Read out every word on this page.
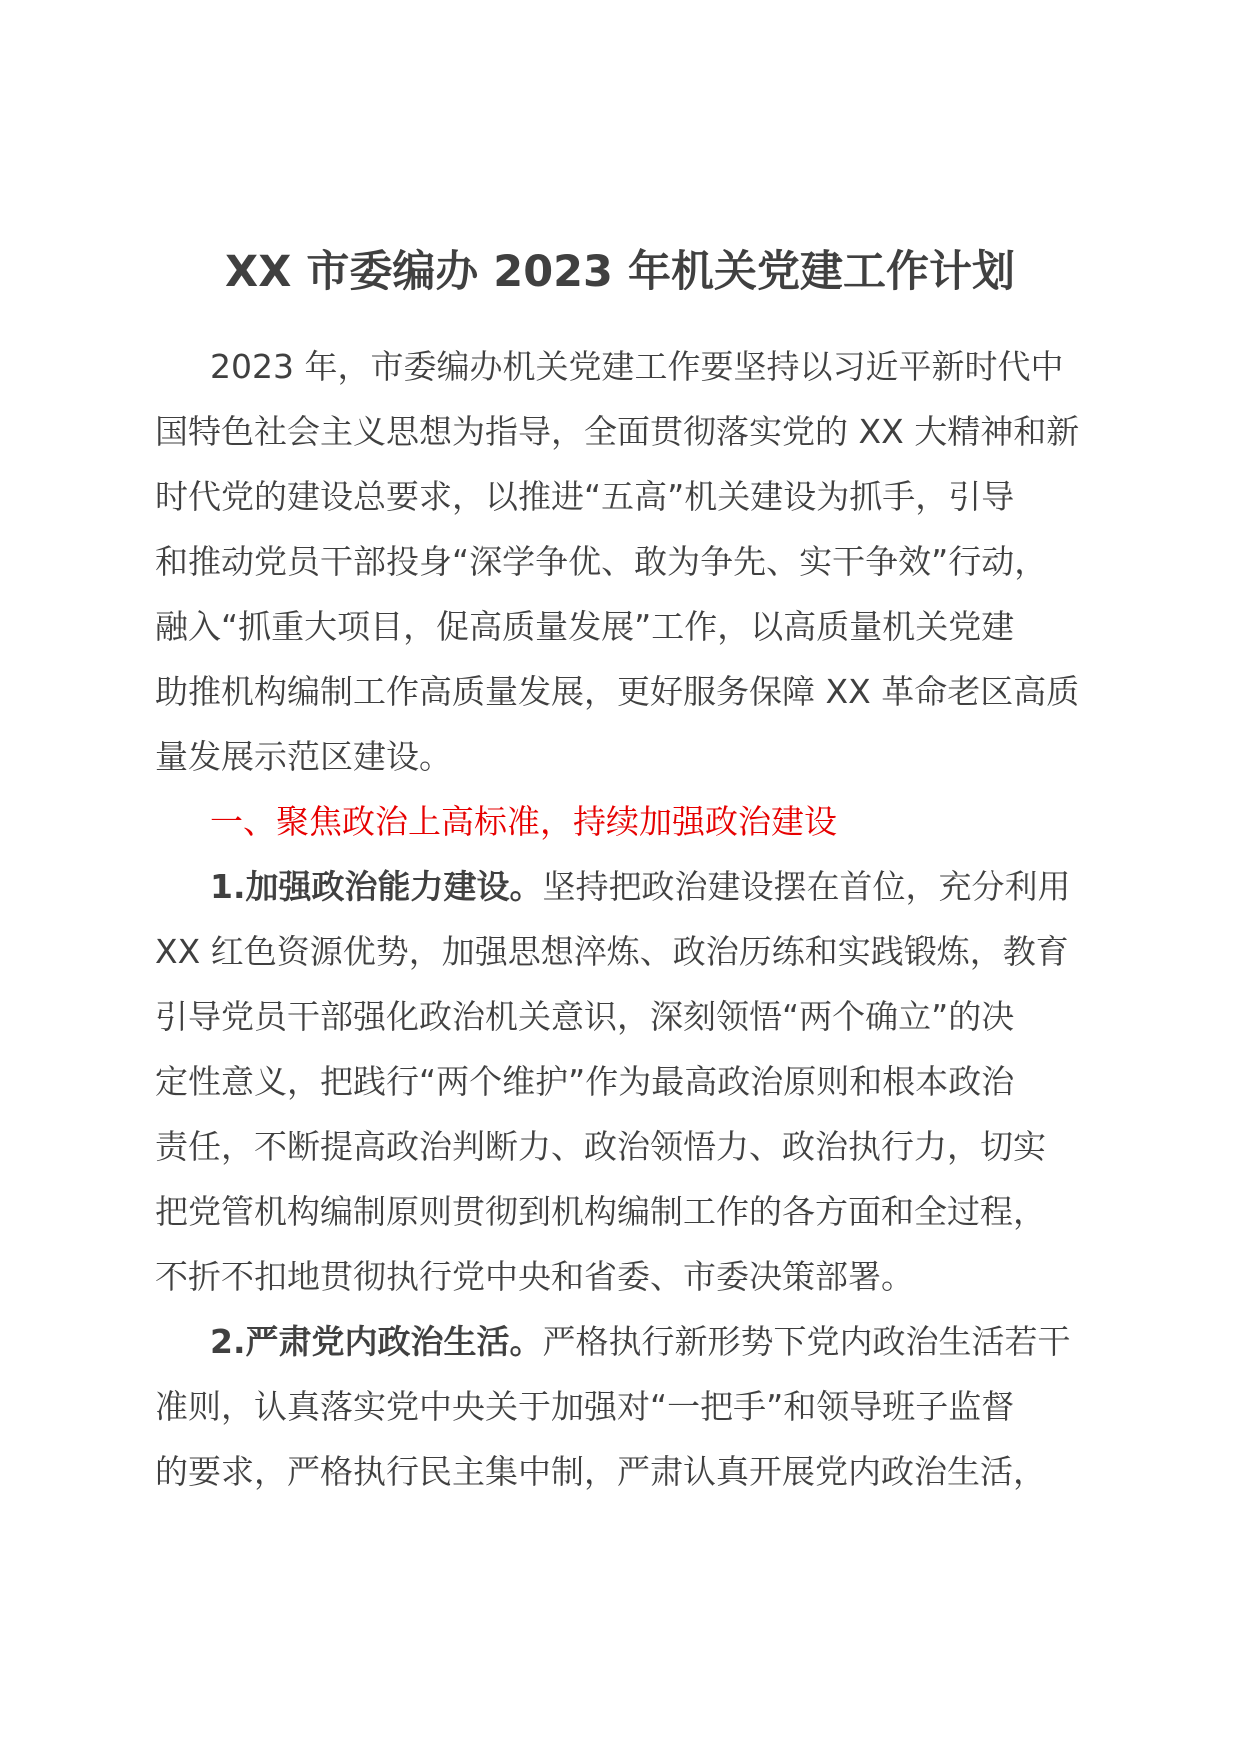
XX 市委编办 2023 年机关党建工作计划
2023 年，市委编办机关党建工作要坚持以习近平新时代中
国特色社会主义思想为指导，全面贯彻落实党的 XX 大精神和新
时代党的建设总要求，以推进“五高”机关建设为抓手，引导
和推动党员干部投身“深学争优、敢为争先、实干争效”行动，
融入“抓重大项目，促高质量发展”工作，以高质量机关党建
助推机构编制工作高质量发展，更好服务保障 XX 革命老区高质
量发展示范区建设。
一、聚焦政治上高标准，持续加强政治建设
1.加强政治能力建设。坚持把政治建设摆在首位，充分利用
XX 红色资源优势，加强思想淬炼、政治历练和实践锻炼，教育
引导党员干部强化政治机关意识，深刻领悟“两个确立”的决
定性意义，把践行“两个维护”作为最高政治原则和根本政治
责任，不断提高政治判断力、政治领悟力、政治执行力，切实
把党管机构编制原则贯彻到机构编制工作的各方面和全过程，
不折不扣地贯彻执行党中央和省委、市委决策部署。
2.严肃党内政治生活。严格执行新形势下党内政治生活若干
准则，认真落实党中央关于加强对“一把手”和领导班子监督
的要求，严格执行民主集中制，严肃认真开展党内政治生活，
